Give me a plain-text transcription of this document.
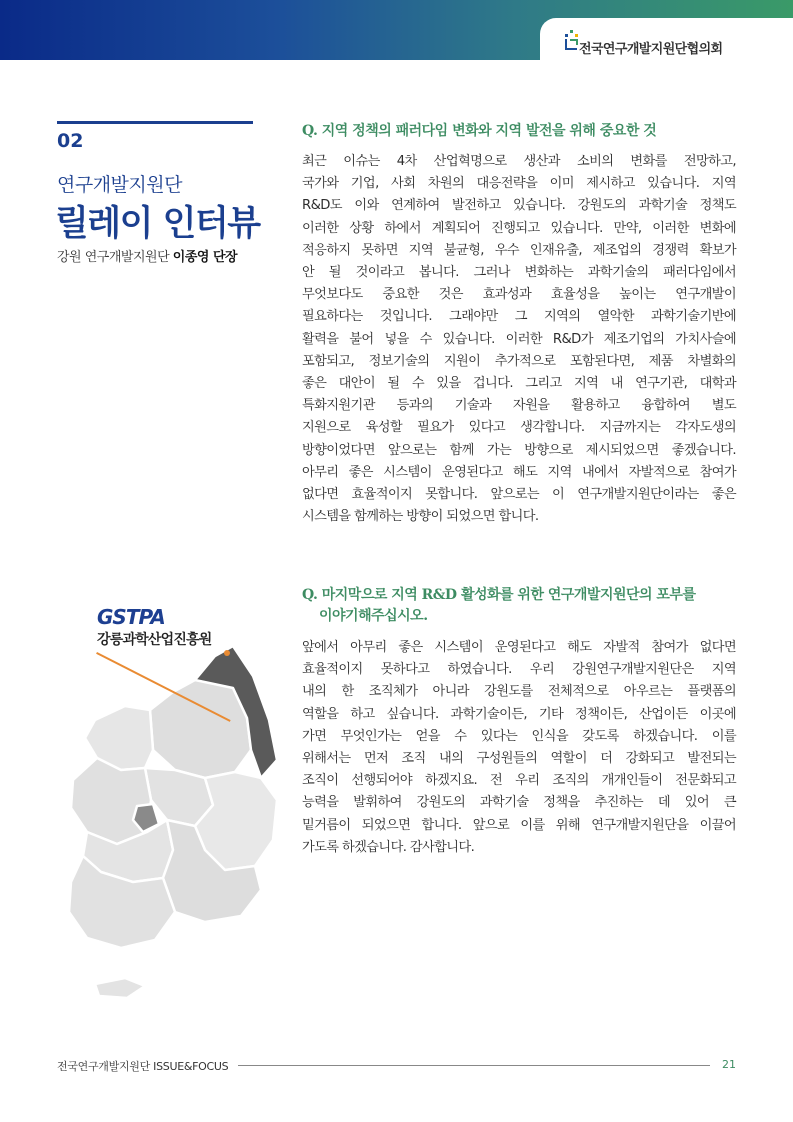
전국연구개발지원단협의회
02
연구개발지원단
릴레이 인터뷰
강원 연구개발지원단 이종영 단장
Q. 지역 정책의 패러다임 변화와 지역 발전을 위해 중요한 것
최근 이슈는 4차 산업혁명으로 생산과 소비의 변화를 전망하고,
국가와 기업, 사회 차원의 대응전략을 이미 제시하고 있습니다. 지역
R&D도 이와 연계하여 발전하고 있습니다. 강원도의 과학기술 정책도
이러한 상황 하에서 계획되어 진행되고 있습니다. 만약, 이러한 변화에
적응하지 못하면 지역 불균형, 우수 인재유출, 제조업의 경쟁력 확보가
안 될 것이라고 봅니다. 그러나 변화하는 과학기술의 패러다임에서
무엇보다도 중요한 것은 효과성과 효율성을 높이는 연구개발이
필요하다는 것입니다. 그래야만 그 지역의 열악한 과학기술기반에
활력을 불어 넣을 수 있습니다. 이러한 R&D가 제조기업의 가치사슬에
포함되고, 정보기술의 지원이 추가적으로 포함된다면, 제품 차별화의
좋은 대안이 될 수 있을 겁니다. 그리고 지역 내 연구기관, 대학과
특화지원기관 등과의 기술과 자원을 활용하고 융합하여 별도
지원으로 육성할 필요가 있다고 생각합니다. 지금까지는 각자도생의
방향이었다면 앞으로는 함께 가는 방향으로 제시되었으면 좋겠습니다.
아무리 좋은 시스템이 운영된다고 해도 지역 내에서 자발적으로 참여가
없다면 효율적이지 못합니다. 앞으로는 이 연구개발지원단이라는 좋은
시스템을 함께하는 방향이 되었으면 합니다.
GSTPA
강릉과학산업진흥원
Q. 마지막으로 지역 R&D 활성화를 위한 연구개발지원단의 포부를
이야기해주십시오.
앞에서 아무리 좋은 시스템이 운영된다고 해도 자발적 참여가 없다면
효율적이지 못하다고 하였습니다. 우리 강원연구개발지원단은 지역
내의 한 조직체가 아니라 강원도를 전체적으로 아우르는 플랫폼의
역할을 하고 싶습니다. 과학기술이든, 기타 정책이든, 산업이든 이곳에
가면 무엇인가는 얻을 수 있다는 인식을 갖도록 하겠습니다. 이를
위해서는 먼저 조직 내의 구성원들의 역할이 더 강화되고 발전되는
조직이 선행되어야 하겠지요. 전 우리 조직의 개개인들이 전문화되고
능력을 발휘하여 강원도의 과학기술 정책을 추진하는 데 있어 큰
밑거름이 되었으면 합니다. 앞으로 이를 위해 연구개발지원단을 이끌어
가도록 하겠습니다. 감사합니다.
전국연구개발지원단 ISSUE&FOCUS	21
